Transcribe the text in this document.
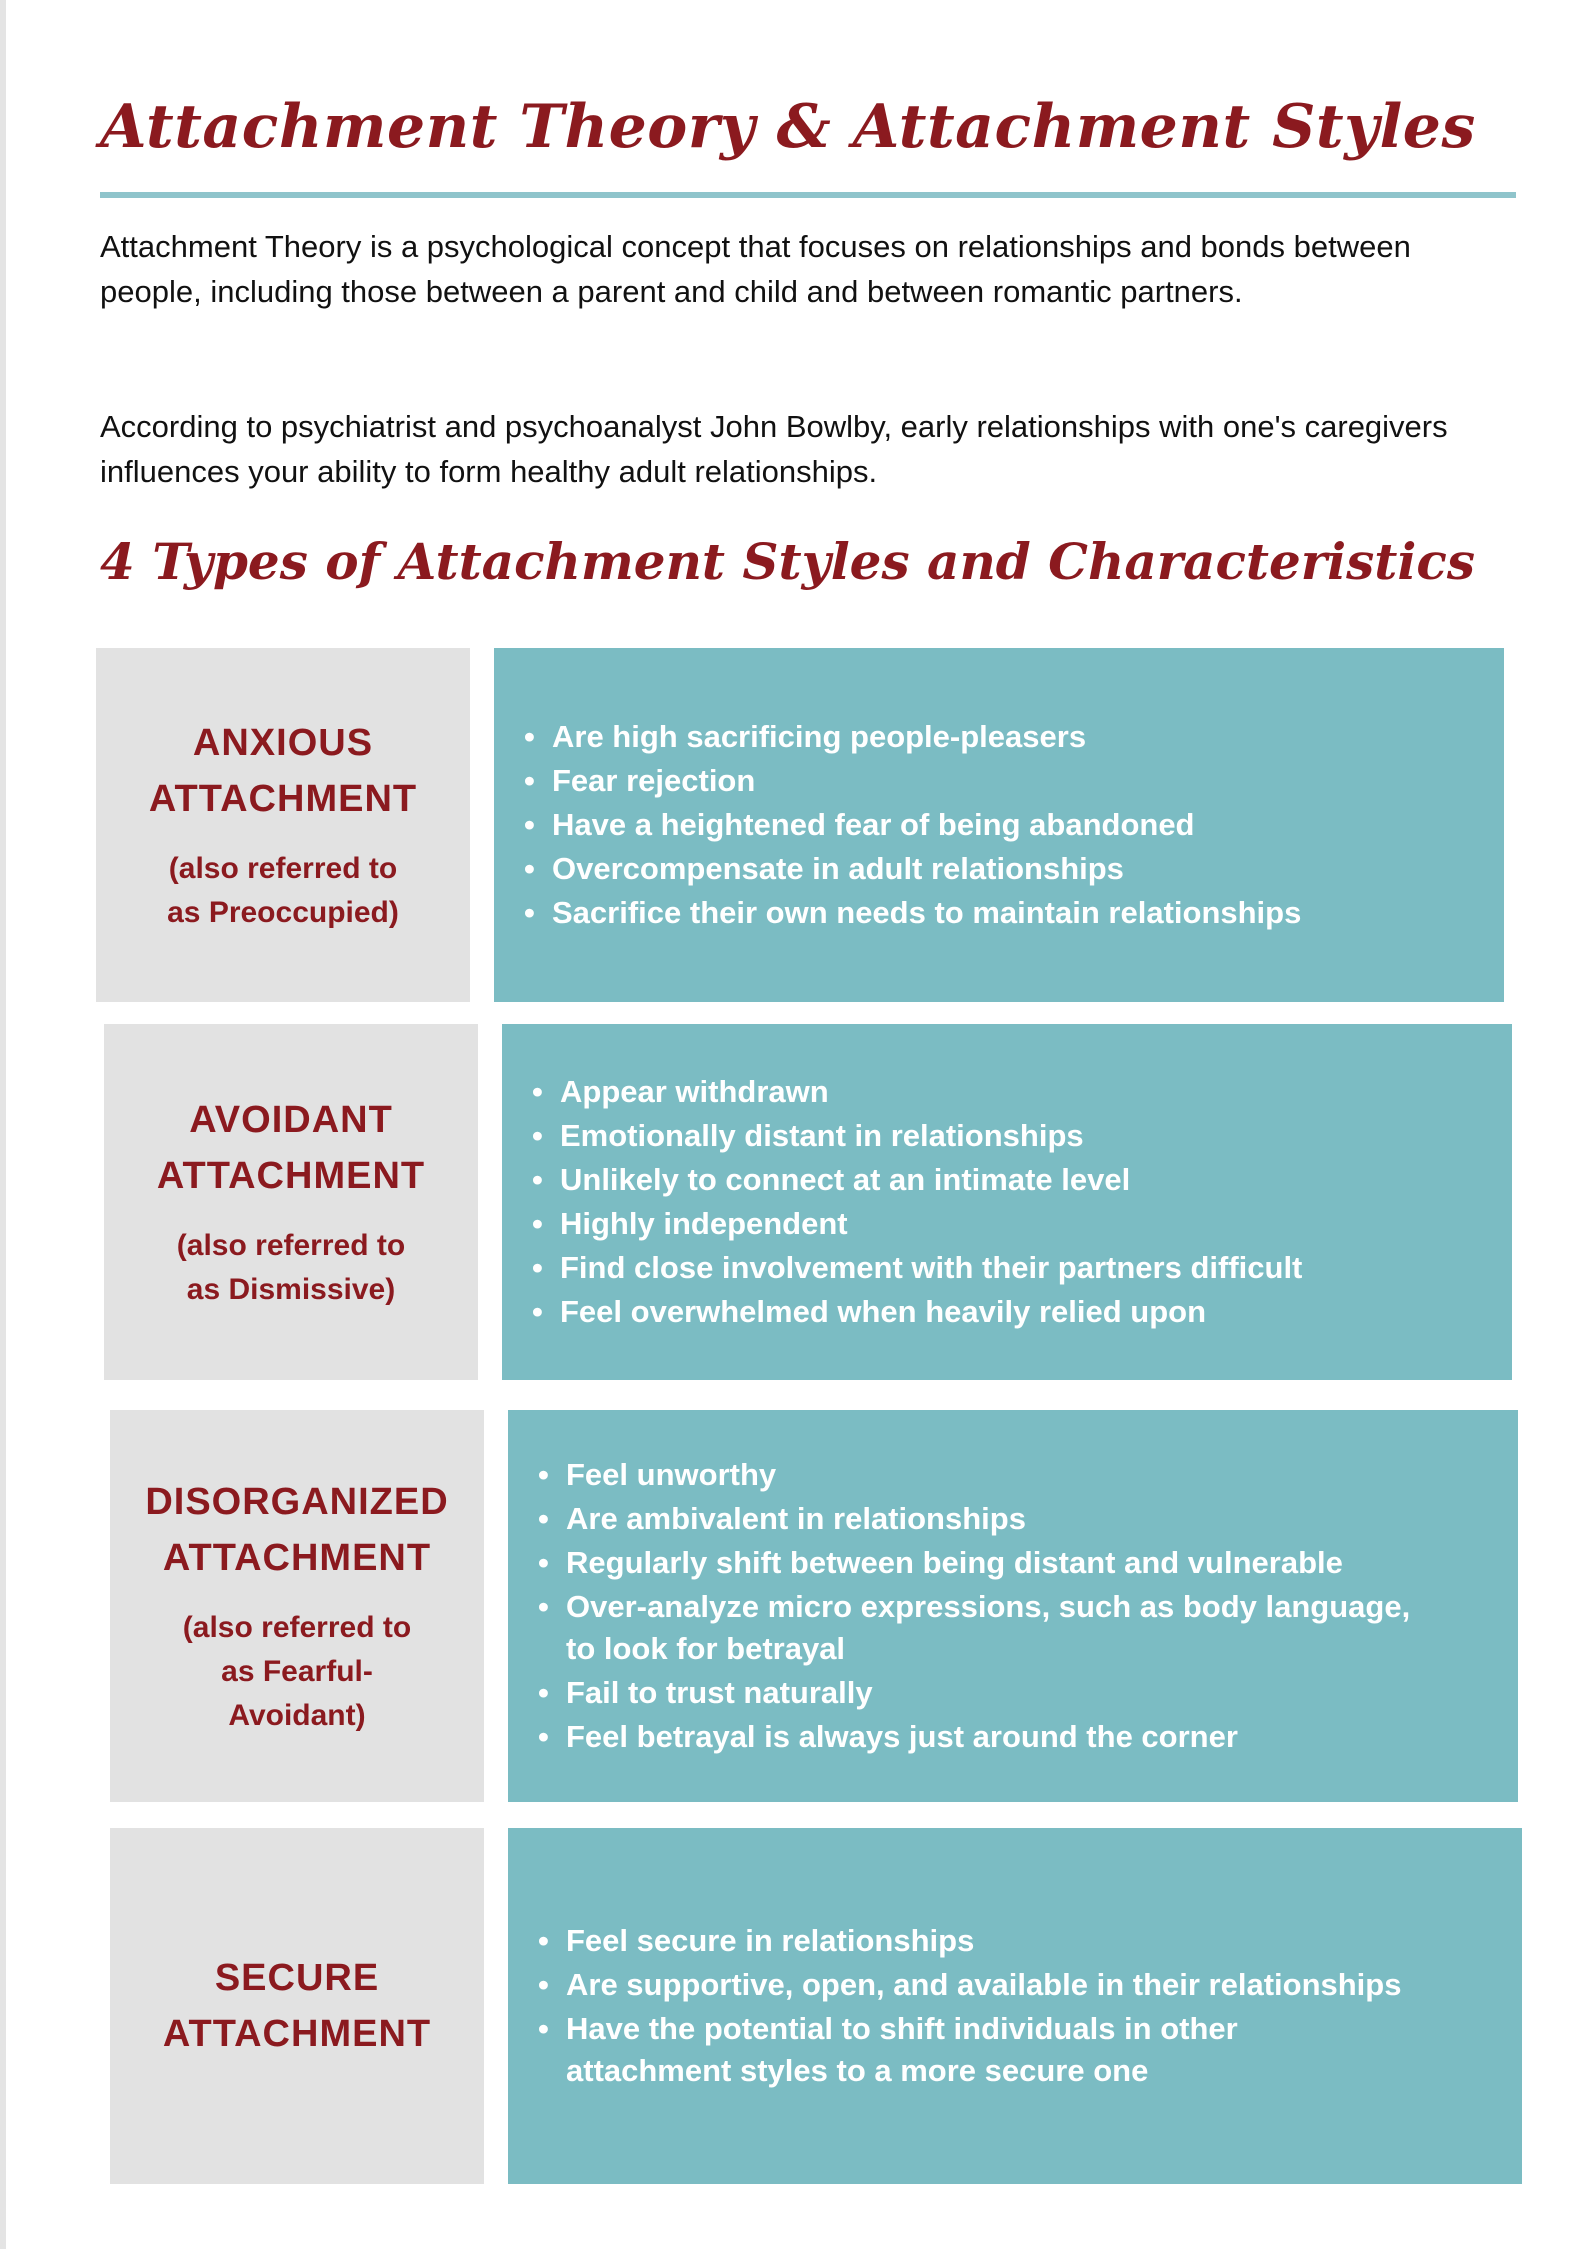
Attachment Theory & Attachment Styles

Attachment Theory is a psychological concept that focuses on relationships and bonds between people, including those between a parent and child and between romantic partners.

According to psychiatrist and psychoanalyst John Bowlby, early relationships with one's caregivers influences your ability to form healthy adult relationships.

4 Types of Attachment Styles and Characteristics
ANXIOUS
ATTACHMENT
(also referred to
as Preoccupied)
• Are high sacrificing people-pleasers
• Fear rejection
• Have a heightened fear of being abandoned
• Overcompensate in adult relationships
• Sacrifice their own needs to maintain relationships
AVOIDANT
ATTACHMENT
(also referred to
as Dismissive)
• Appear withdrawn
• Emotionally distant in relationships
• Unlikely to connect at an intimate level
• Highly independent
• Find close involvement with their partners difficult
• Feel overwhelmed when heavily relied upon
DISORGANIZED
ATTACHMENT
(also referred to
as Fearful-
Avoidant)
• Feel unworthy
• Are ambivalent in relationships
• Regularly shift between being distant and vulnerable
• Over-analyze micro expressions, such as body language, to look for betrayal
• Fail to trust naturally
• Feel betrayal is always just around the corner
SECURE
ATTACHMENT
• Feel secure in relationships
• Are supportive, open, and available in their relationships
• Have the potential to shift individuals in other attachment styles to a more secure one
